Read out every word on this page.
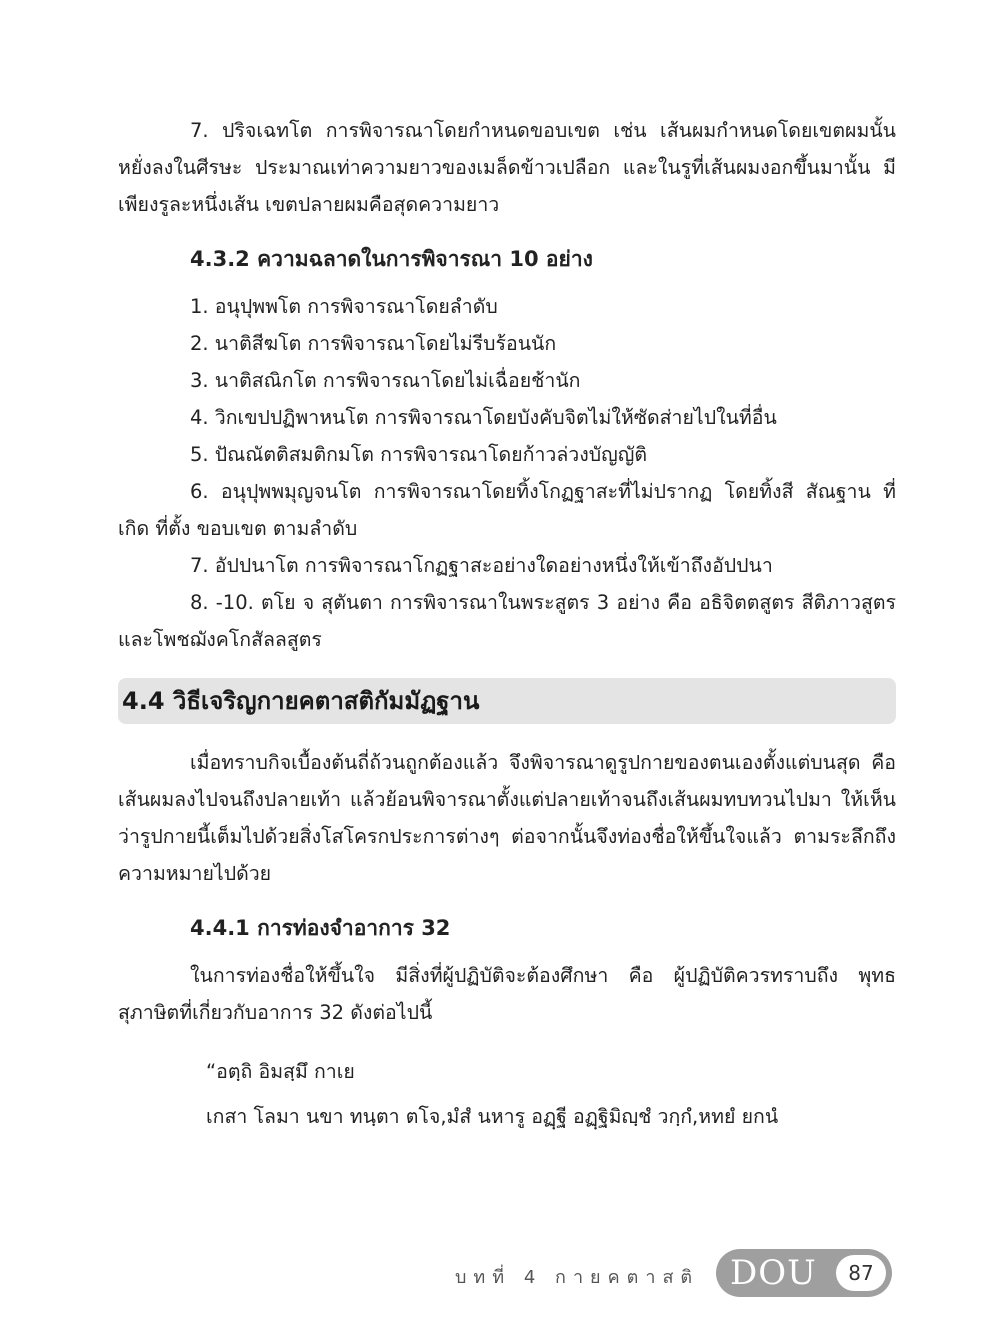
7. ปริจเฉทโต การพิจารณาโดยกำหนดขอบเขต เช่น เส้นผมกำหนดโดยเขตผมนั้น หยั่งลงในศีรษะ ประมาณเท่าความยาวของเมล็ดข้าวเปลือก และในรูที่เส้นผมงอกขึ้นมานั้น มีเพียงรูละหนึ่งเส้น เขตปลายผมคือสุดความยาว

4.3.2 ความฉลาดในการพิจารณา 10 อย่าง

1. อนุปุพพโต การพิจารณาโดยลำดับ

2. นาติสีฆโต การพิจารณาโดยไม่รีบร้อนนัก

3. นาติสณิกโต การพิจารณาโดยไม่เฉื่อยช้านัก

4. วิกเขปปฏิพาหนโต การพิจารณาโดยบังคับจิตไม่ให้ซัดส่ายไปในที่อื่น

5. ปัณณัตติสมติกมโต การพิจารณาโดยก้าวล่วงบัญญัติ

6. อนุปุพพมุญจนโต การพิจารณาโดยทิ้งโกฏฐาสะที่ไม่ปรากฏ โดยทิ้งสี สัณฐาน ที่เกิด ที่ตั้ง ขอบเขต ตามลำดับ

7. อัปปนาโต การพิจารณาโกฏฐาสะอย่างใดอย่างหนึ่งให้เข้าถึงอัปปนา

8. -10. ตโย จ สุตันตา การพิจารณาในพระสูตร 3 อย่าง คือ อธิจิตตสูตร สีติภาวสูตร และโพชฌังคโกสัลลสูตร

4.4 วิธีเจริญกายคตาสติกัมมัฏฐาน

เมื่อทราบกิจเบื้องต้นถี่ถ้วนถูกต้องแล้ว จึงพิจารณาดูรูปกายของตนเองตั้งแต่บนสุด คือ เส้นผมลงไปจนถึงปลายเท้า แล้วย้อนพิจารณาตั้งแต่ปลายเท้าจนถึงเส้นผมทบทวนไปมา ให้เห็นว่ารูปกายนี้เต็มไปด้วยสิ่งโสโครกประการต่างๆ ต่อจากนั้นจึงท่องชื่อให้ขึ้นใจแล้ว ตามระลึกถึงความหมายไปด้วย

4.4.1 การท่องจำอาการ 32

ในการท่องชื่อให้ขึ้นใจ มีสิ่งที่ผู้ปฏิบัติจะต้องศึกษา คือ ผู้ปฏิบัติควรทราบถึง พุทธสุภาษิตที่เกี่ยวกับอาการ 32 ดังต่อไปนี้

“อตฺถิ อิมสฺมึ กาเย

เกสา โลมา นขา ทนฺตา ตโจ,มํสํ นหารู อฏฺฐี อฏฺฐิมิญฺชํ วกฺกํ,หทยํ ยกนํ

บทที่ 4 กายคตาสติ DOU	87
